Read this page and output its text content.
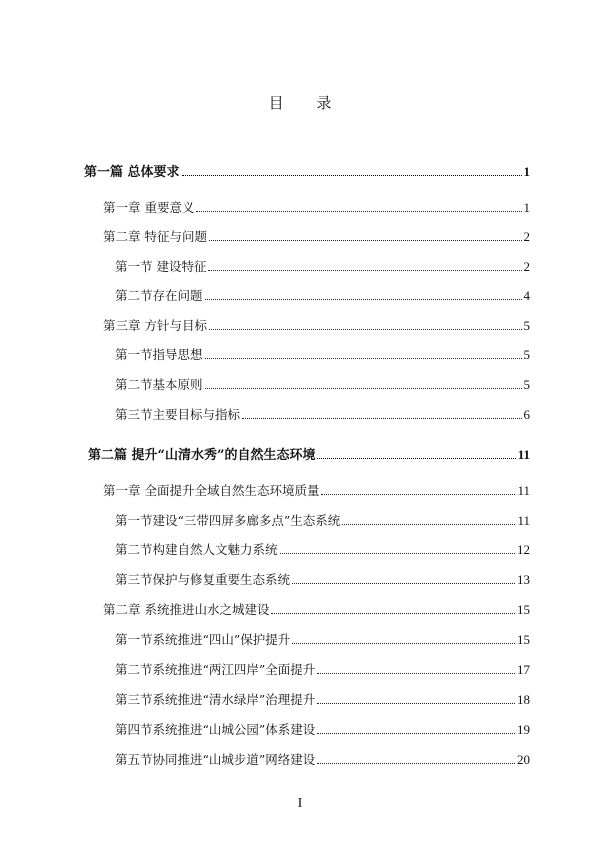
目 录
第一篇 总体要求	1
第一章 重要意义	1
第二章 特征与问题	2
第一节 建设特征	2
第二节存在问题	4
第三章 方针与目标	5
第一节指导思想	5
第二节基本原则	5
第三节主要目标与指标	6
第二篇 提升“山清水秀”的自然生态环境	11
第一章 全面提升全域自然生态环境质量	11
第一节建设“三带四屏多廊多点”生态系统	11
第二节构建自然人文魅力系统	12
第三节保护与修复重要生态系统	13
第二章 系统推进山水之城建设	15
第一节系统推进“四山”保护提升	15
第二节系统推进“两江四岸”全面提升	17
第三节系统推进“清水绿岸”治理提升	18
第四节系统推进“山城公园”体系建设	19
第五节协同推进“山城步道”网络建设	20
I
